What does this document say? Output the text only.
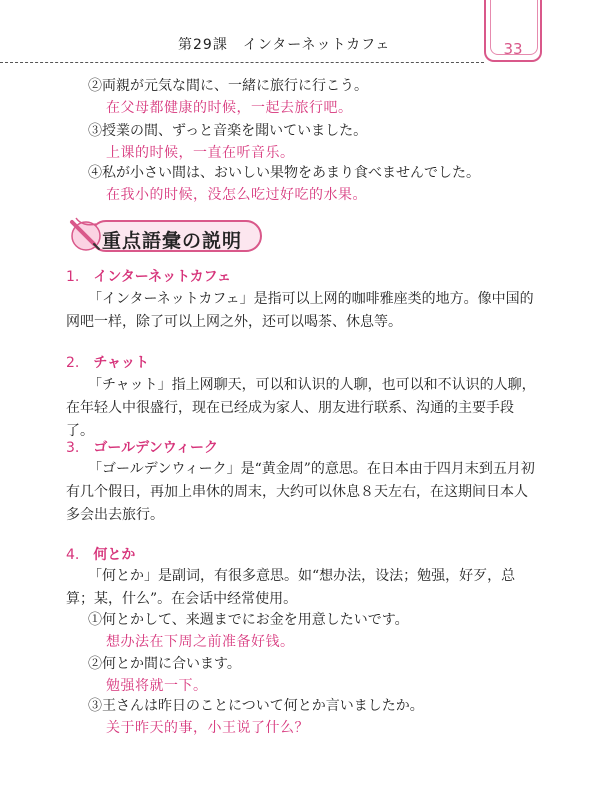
第29課　インターネットカフェ	33
②両親が元気な間に、一緒に旅行に行こう。
在父母都健康的时候，一起去旅行吧。
③授業の間、ずっと音楽を聞いていました。
上课的时候，一直在听音乐。
④私が小さい間は、おいしい果物をあまり食べませんでした。
在我小的时候，没怎么吃过好吃的水果。
重点語彙の説明
1. インターネットカフェ
「インターネットカフェ」是指可以上网的咖啡雅座类的地方。像中国的网吧一样，除了可以上网之外，还可以喝茶、休息等。
2. チャット
「チャット」指上网聊天，可以和认识的人聊，也可以和不认识的人聊，在年轻人中很盛行，现在已经成为家人、朋友进行联系、沟通的主要手段了。
3. ゴールデンウィーク
「ゴールデンウィーク」是“黄金周”的意思。在日本由于四月末到五月初有几个假日，再加上串休的周末，大约可以休息８天左右，在这期间日本人多会出去旅行。
4. 何とか
「何とか」是副词，有很多意思。如“想办法，设法；勉强，好歹，总算；某，什么”。在会话中经常使用。
①何とかして、来週までにお金を用意したいです。
想办法在下周之前准备好钱。
②何とか間に合います。
勉强将就一下。
③王さんは昨日のことについて何とか言いましたか。
关于昨天的事，小王说了什么？
